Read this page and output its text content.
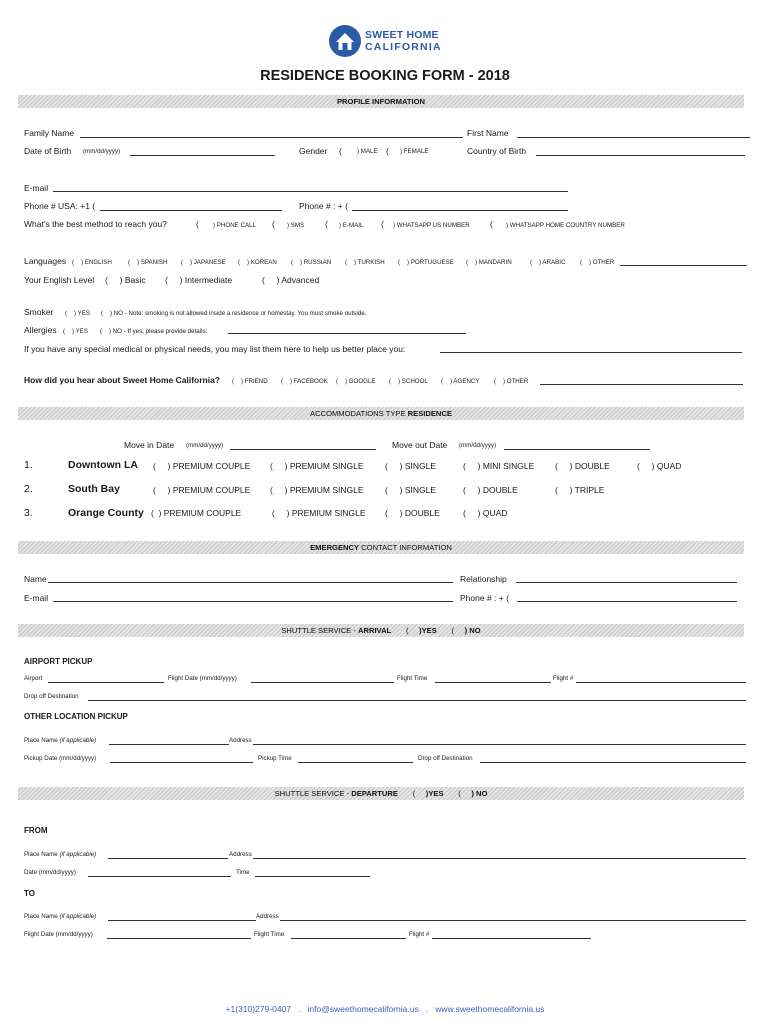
SWEET HOME
CALIFORNIA
RESIDENCE BOOKING FORM - 2018
PROFILE INFORMATION
Family Name	First Name
Date of Birth (mm/dd/yyyy)	Gender ( ) MALE ( ) FEMALE	Country of Birth
E-mail
Phone # USA: +1 (	Phone # : + (
What's the best method to reach you?	( ) PHONE CALL ( ) SMS ( ) E-MAIL ( ) WHATSAPP US NUMBER ( ) WHATSAPP HOME COUNTRY NUMBER
Languages (    ) ENGLISH	(    ) SPANISH (    ) JAPANESE (    ) KOREAN (    ) RUSSIAN (    ) TURKISH (    ) PORTUGUESE (    ) MANDARIN	(    ) ARABIC (    ) OTHER
Your English Level (     ) Basic (     ) Intermediate	(     ) Advanced
Smoker (    ) YES (    ) NO - Note: smoking is not allowed inside a residence or homestay. You must smoke outside.
Allergies (    ) YES (    ) NO - If yes, please provide details:
If you have any special medical or physical needs, you may list them here to help us better place you:
How did you hear about Sweet Home California? (    ) FRIEND (    ) FACEBOOK (    ) GOOGLE (    ) SCHOOL (    ) AGENCY (    ) OTHER
ACCOMMODATIONS TYPE RESIDENCE
Move in Date (mm/dd/yyyy)	Move out Date (mm/dd/yyyy)
1.	Downtown LA (     ) PREMIUM COUPLE (     ) PREMIUM SINGLE	(     ) SINGLE	(     ) MINI SINGLE (     ) DOUBLE	(     ) QUAD
2.	South Bay	(     ) PREMIUM COUPLE (     ) PREMIUM SINGLE	(     ) SINGLE	(     ) DOUBLE	(     ) TRIPLE
3.	Orange County (  ) PREMIUM COUPLE	(     ) PREMIUM SINGLE (     ) DOUBLE	(     ) QUAD
EMERGENCY CONTACT INFORMATION
Name	Relationship
E-mail	Phone # : + (
SHUTTLE SERVICE - ARRIVAL       (     )YES       (     ) NO
AIRPORT PICKUP
Airport	Flight Date (mm/dd/yyyy)	Flight Time	Flight #
Drop off Destination
OTHER LOCATION PICKUP
Place Name (if applicable)	Address
Pickup Date (mm/dd/yyyy)	Pickup Time	Drop off Destination
SHUTTLE SERVICE - DEPARTURE       (     )YES       (     ) NO
FROM
Place Name (if applicable)	Address
Date (mm/dd/yyyy)	Time
TO
Place Name (if applicable)	Address
Flight Date (mm/dd/yyyy)	Flight Time	Flight #
+1(310)279-0407 . info@sweethomecalifornia.us . www.sweethomecalifornia.us
